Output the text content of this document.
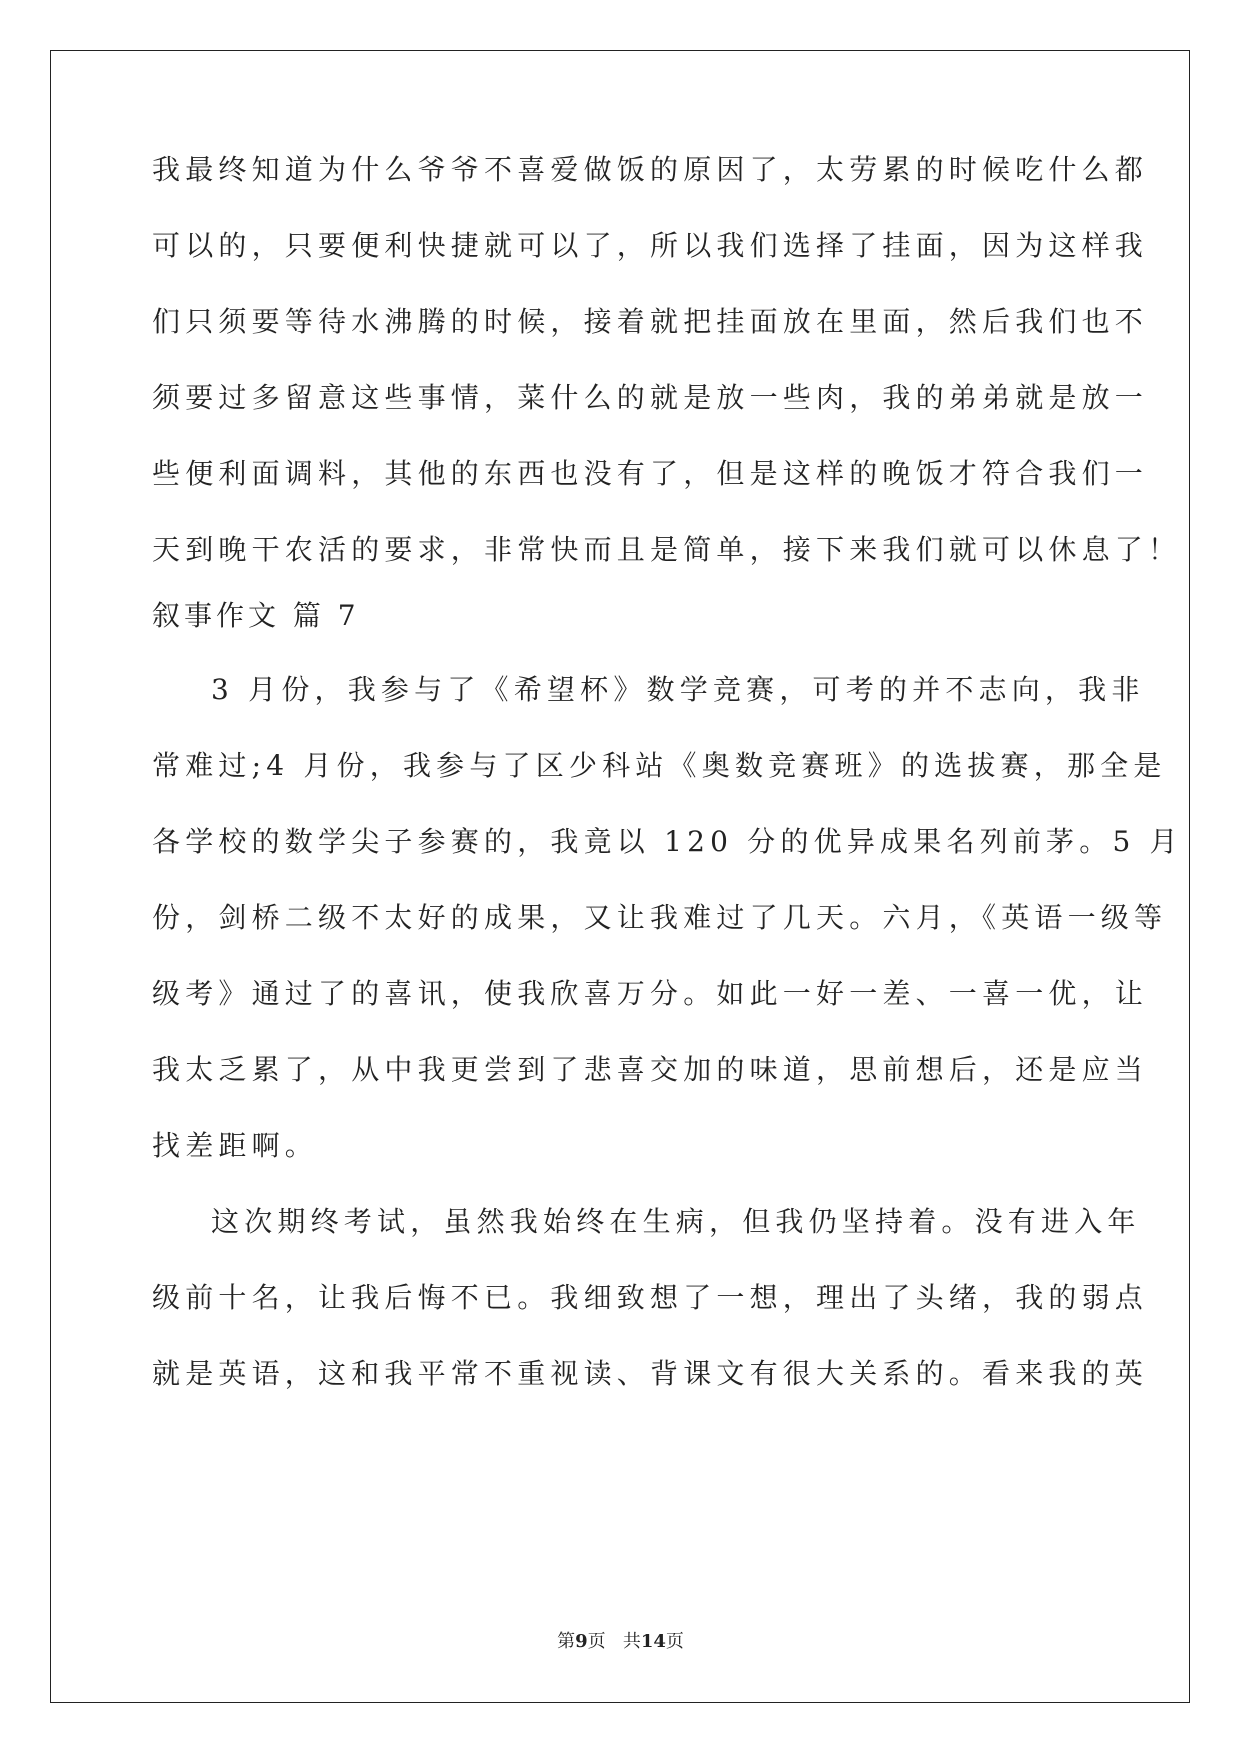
我最终知道为什么爷爷不喜爱做饭的原因了，太劳累的时候吃什么都
可以的，只要便利快捷就可以了，所以我们选择了挂面，因为这样我
们只须要等待水沸腾的时候，接着就把挂面放在里面，然后我们也不
须要过多留意这些事情，菜什么的就是放一些肉，我的弟弟就是放一
些便利面调料，其他的东西也没有了，但是这样的晚饭才符合我们一
天到晚干农活的要求，非常快而且是简单，接下来我们就可以休息了！
叙事作文 篇 7
3 月份，我参与了《希望杯》数学竞赛，可考的并不志向，我非
常难过;4 月份，我参与了区少科站《奥数竞赛班》的选拔赛，那全是
各学校的数学尖子参赛的，我竟以 120 分的优异成果名列前茅。5 月
份，剑桥二级不太好的成果，又让我难过了几天。六月，《英语一级等
级考》通过了的喜讯，使我欣喜万分。如此一好一差、一喜一优，让
我太乏累了，从中我更尝到了悲喜交加的味道，思前想后，还是应当
找差距啊。
这次期终考试，虽然我始终在生病，但我仍坚持着。没有进入年
级前十名，让我后悔不已。我细致想了一想，理出了头绪，我的弱点
就是英语，这和我平常不重视读、背课文有很大关系的。看来我的英
第9页 共14页
